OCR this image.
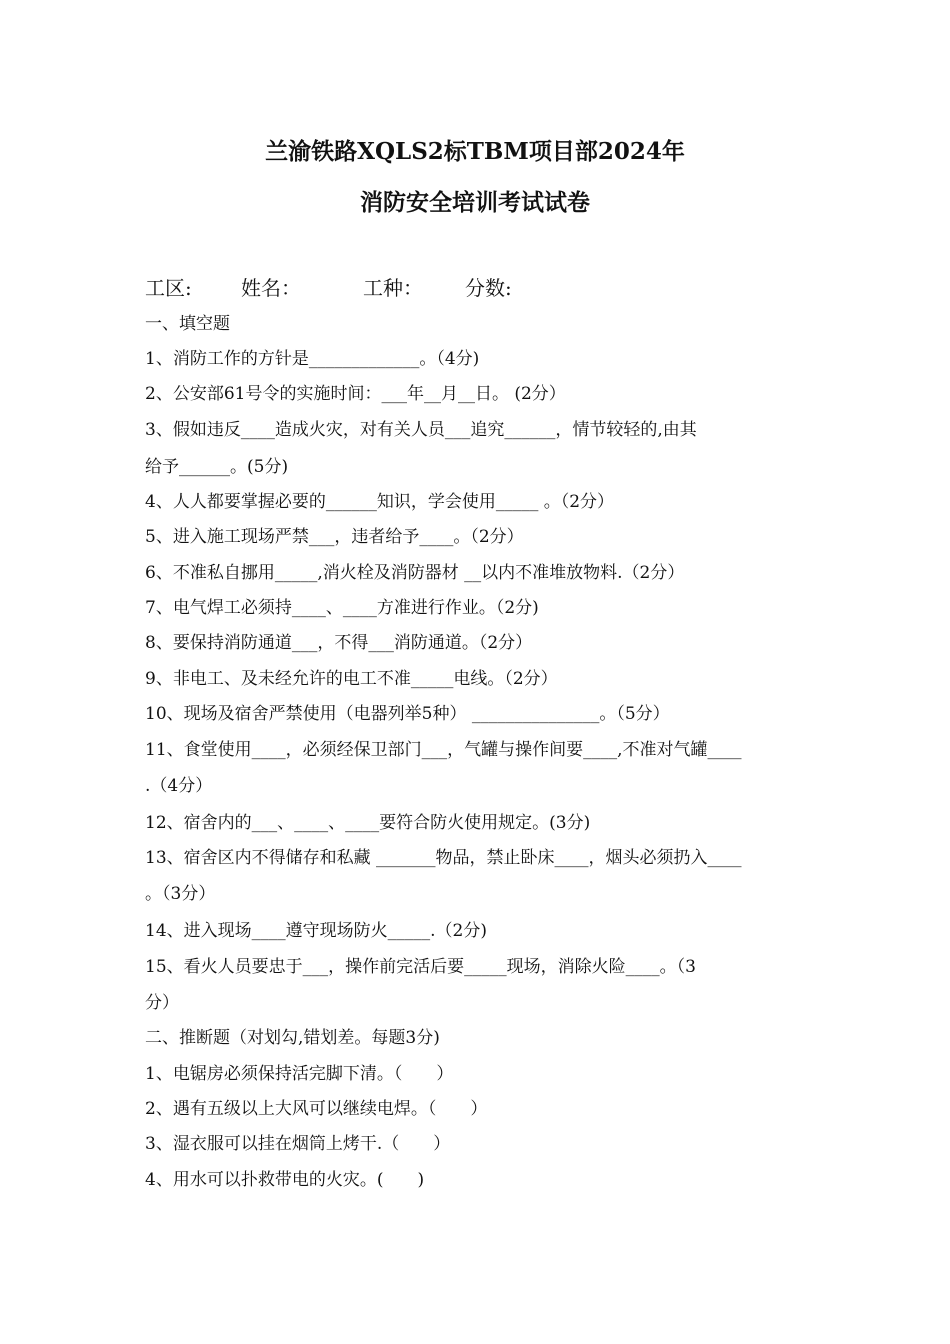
兰渝铁路XQLS2标TBM项目部2024年
消防安全培训考试试卷
工区: 姓名：	工种： 分数:
一、填空题
1、消防工作的方针是_____________。（4分)
2、公安部61号令的实施时间：___年__月__日。 (2分）
3、假如违反____造成火灾，对有关人员___追究______，情节较轻的,由其
给予______。(5分)
4、人人都要掌握必要的______知识，学会使用_____ 。（2分）
5、进入施工现场严禁___，违者给予____。（2分）
6、不准私自挪用_____,消火栓及消防器材 __以内不准堆放物料.（2分）
7、电气焊工必须持____、____方准进行作业。（2分)
8、要保持消防通道___，不得___消防通道。（2分）
9、非电工、及未经允许的电工不准_____电线。（2分）
10、现场及宿舍严禁使用（电器列举5种） _______________。（5分）
11、食堂使用____，必须经保卫部门___，气罐与操作间要____,不准对气罐____
.（4分）
12、宿舍内的___、____、____要符合防火使用规定。(3分)
13、宿舍区内不得储存和私藏 _______物品，禁止卧床____，烟头必须扔入____
。（3分）
14、进入现场____遵守现场防火_____.（2分)
15、看火人员要忠于___，操作前完活后要_____现场，消除火险____。（3
分）
二、推断题（对划勾,错划差。每题3分)
1、电锯房必须保持活完脚下清。（　　）
2、遇有五级以上大风可以继续电焊。（　　）
3、湿衣服可以挂在烟筒上烤干.（　　）
4、用水可以扑救带电的火灾。(　　)
